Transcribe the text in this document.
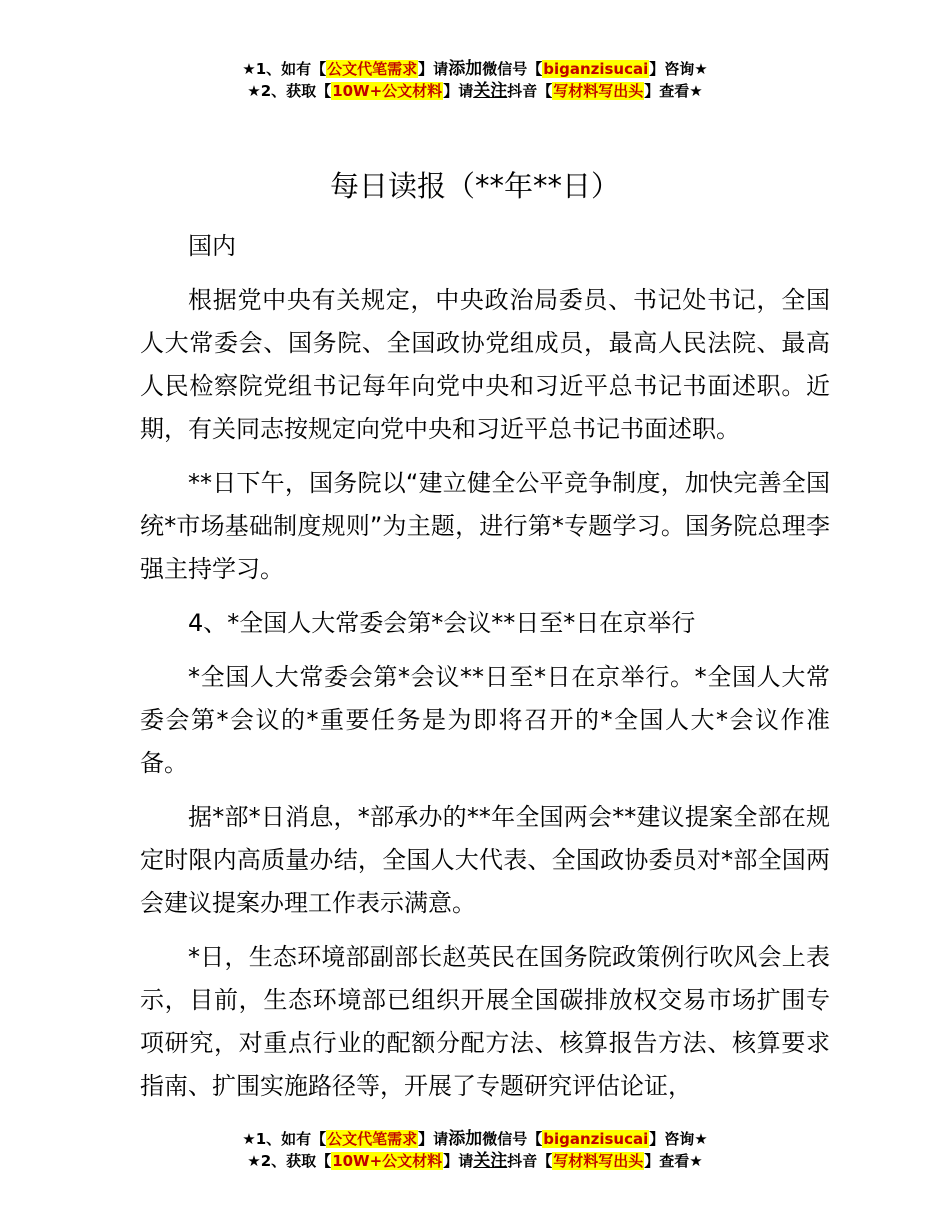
★1、如有【公文代笔需求】请添加微信号【biganzisucai】咨询★
★2、获取【10W+公文材料】请关注抖音【写材料写出头】查看★
每日读报（**年**日）

国内

根据党中央有关规定，中央政治局委员、书记处书记，全国人大常委会、国务院、全国政协党组成员，最高人民法院、最高人民检察院党组书记每年向党中央和习近平总书记书面述职。近期，有关同志按规定向党中央和习近平总书记书面述职。

**日下午，国务院以“建立健全公平竞争制度，加快完善全国统*市场基础制度规则”为主题，进行第*专题学习。国务院总理李强主持学习。

4、*全国人大常委会第*会议**日至*日在京举行

*全国人大常委会第*会议**日至*日在京举行。*全国人大常委会第*会议的*重要任务是为即将召开的*全国人大*会议作准备。

据*部*日消息，*部承办的**年全国两会**建议提案全部在规定时限内高质量办结，全国人大代表、全国政协委员对*部全国两会建议提案办理工作表示满意。

*日，生态环境部副部长赵英民在国务院政策例行吹风会上表示，目前，生态环境部已组织开展全国碳排放权交易市场扩围专项研究，对重点行业的配额分配方法、核算报告方法、核算要求指南、扩围实施路径等，开展了专题研究评估论证，

★1、如有【公文代笔需求】请添加微信号【biganzisucai】咨询★
★2、获取【10W+公文材料】请关注抖音【写材料写出头】查看★
